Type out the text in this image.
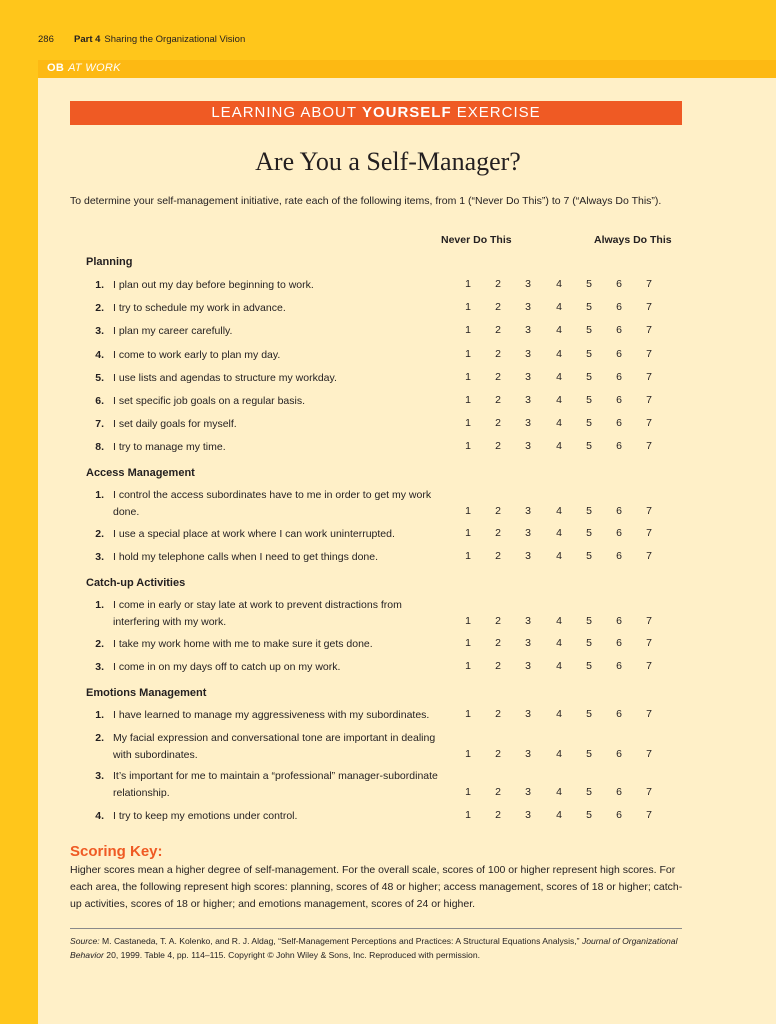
286 Part 4 Sharing the Organizational Vision
OB AT WORK
LEARNING ABOUT YOURSELF EXERCISE
Are You a Self-Manager?
To determine your self-management initiative, rate each of the following items, from 1 (“Never Do This”) to 7 (“Always Do This”).
Never Do This	Always Do This
Planning
1. I plan out my day before beginning to work.	1 2 3 4 5 6 7
2. I try to schedule my work in advance.	1 2 3 4 5 6 7
3. I plan my career carefully.	1 2 3 4 5 6 7
4. I come to work early to plan my day.	1 2 3 4 5 6 7
5. I use lists and agendas to structure my workday.	1 2 3 4 5 6 7
6. I set specific job goals on a regular basis.	1 2 3 4 5 6 7
7. I set daily goals for myself.	1 2 3 4 5 6 7
8. I try to manage my time.	1 2 3 4 5 6 7
Access Management
1. I control the access subordinates have to me in order to get my work done.	1 2 3 4 5 6 7
2. I use a special place at work where I can work uninterrupted.	1 2 3 4 5 6 7
3. I hold my telephone calls when I need to get things done.	1 2 3 4 5 6 7
Catch-up Activities
1. I come in early or stay late at work to prevent distractions from interfering with my work.	1 2 3 4 5 6 7
2. I take my work home with me to make sure it gets done.	1 2 3 4 5 6 7
3. I come in on my days off to catch up on my work.	1 2 3 4 5 6 7
Emotions Management
1. I have learned to manage my aggressiveness with my subordinates.	1 2 3 4 5 6 7
2. My facial expression and conversational tone are important in dealing with subordinates.	1 2 3 4 5 6 7
3. It’s important for me to maintain a “professional” manager-subordinate relationship.	1 2 3 4 5 6 7
4. I try to keep my emotions under control.	1 2 3 4 5 6 7
Scoring Key:
Higher scores mean a higher degree of self-management. For the overall scale, scores of 100 or higher represent high scores. For each area, the following represent high scores: planning, scores of 48 or higher; access management, scores of 18 or higher; catch-up activities, scores of 18 or higher; and emotions management, scores of 24 or higher.
Source: M. Castaneda, T. A. Kolenko, and R. J. Aldag, “Self-Management Perceptions and Practices: A Structural Equations Analysis,” Journal of Organizational Behavior 20, 1999. Table 4, pp. 114–115. Copyright © John Wiley & Sons, Inc. Reproduced with permission.
